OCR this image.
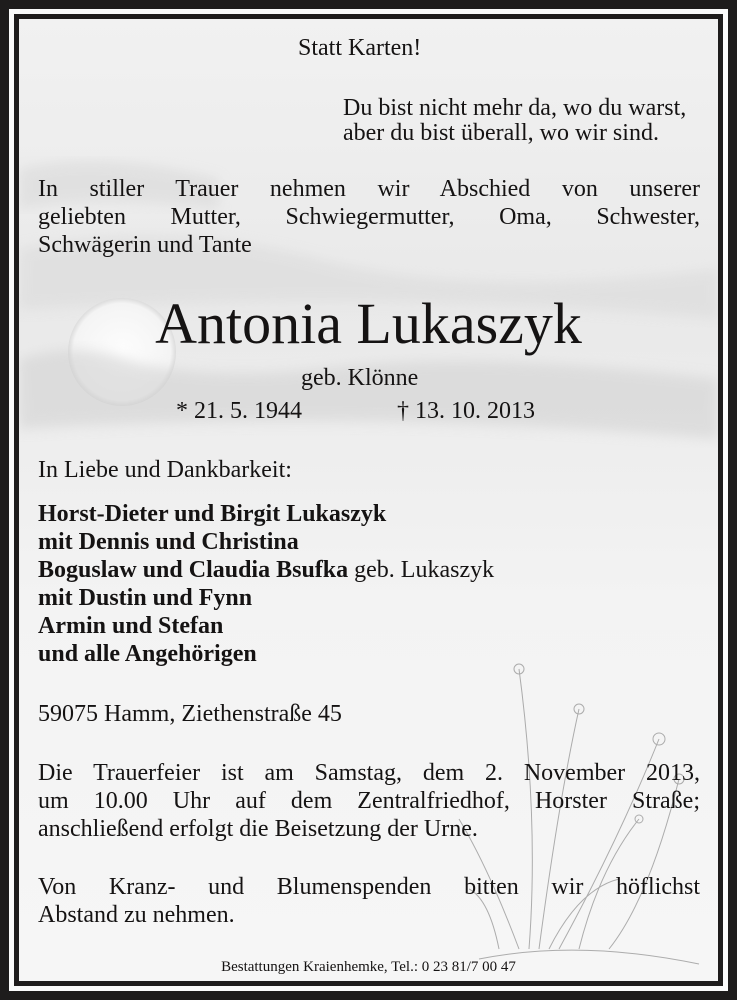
Statt Karten!
Du bist nicht mehr da, wo du warst,
aber du bist überall, wo wir sind.
In stiller Trauer nehmen wir Abschied von unserer
geliebten Mutter, Schwiegermutter, Oma, Schwester,
Schwägerin und Tante
Antonia Lukaszyk
geb. Klönne
* 21. 5. 1944	† 13. 10. 2013
In Liebe und Dankbarkeit:
Horst-Dieter und Birgit Lukaszyk
mit Dennis und Christina
Boguslaw und Claudia Bsufka geb. Lukaszyk
mit Dustin und Fynn
Armin und Stefan
und alle Angehörigen
59075 Hamm, Ziethenstraße 45
Die Trauerfeier ist am Samstag, dem 2. November 2013,
um 10.00 Uhr auf dem Zentralfriedhof, Horster Straße;
anschließend erfolgt die Beisetzung der Urne.
Von Kranz- und Blumenspenden bitten wir höflichst
Abstand zu nehmen.
Bestattungen Kraienhemke, Tel.: 0 23 81/7 00 47
